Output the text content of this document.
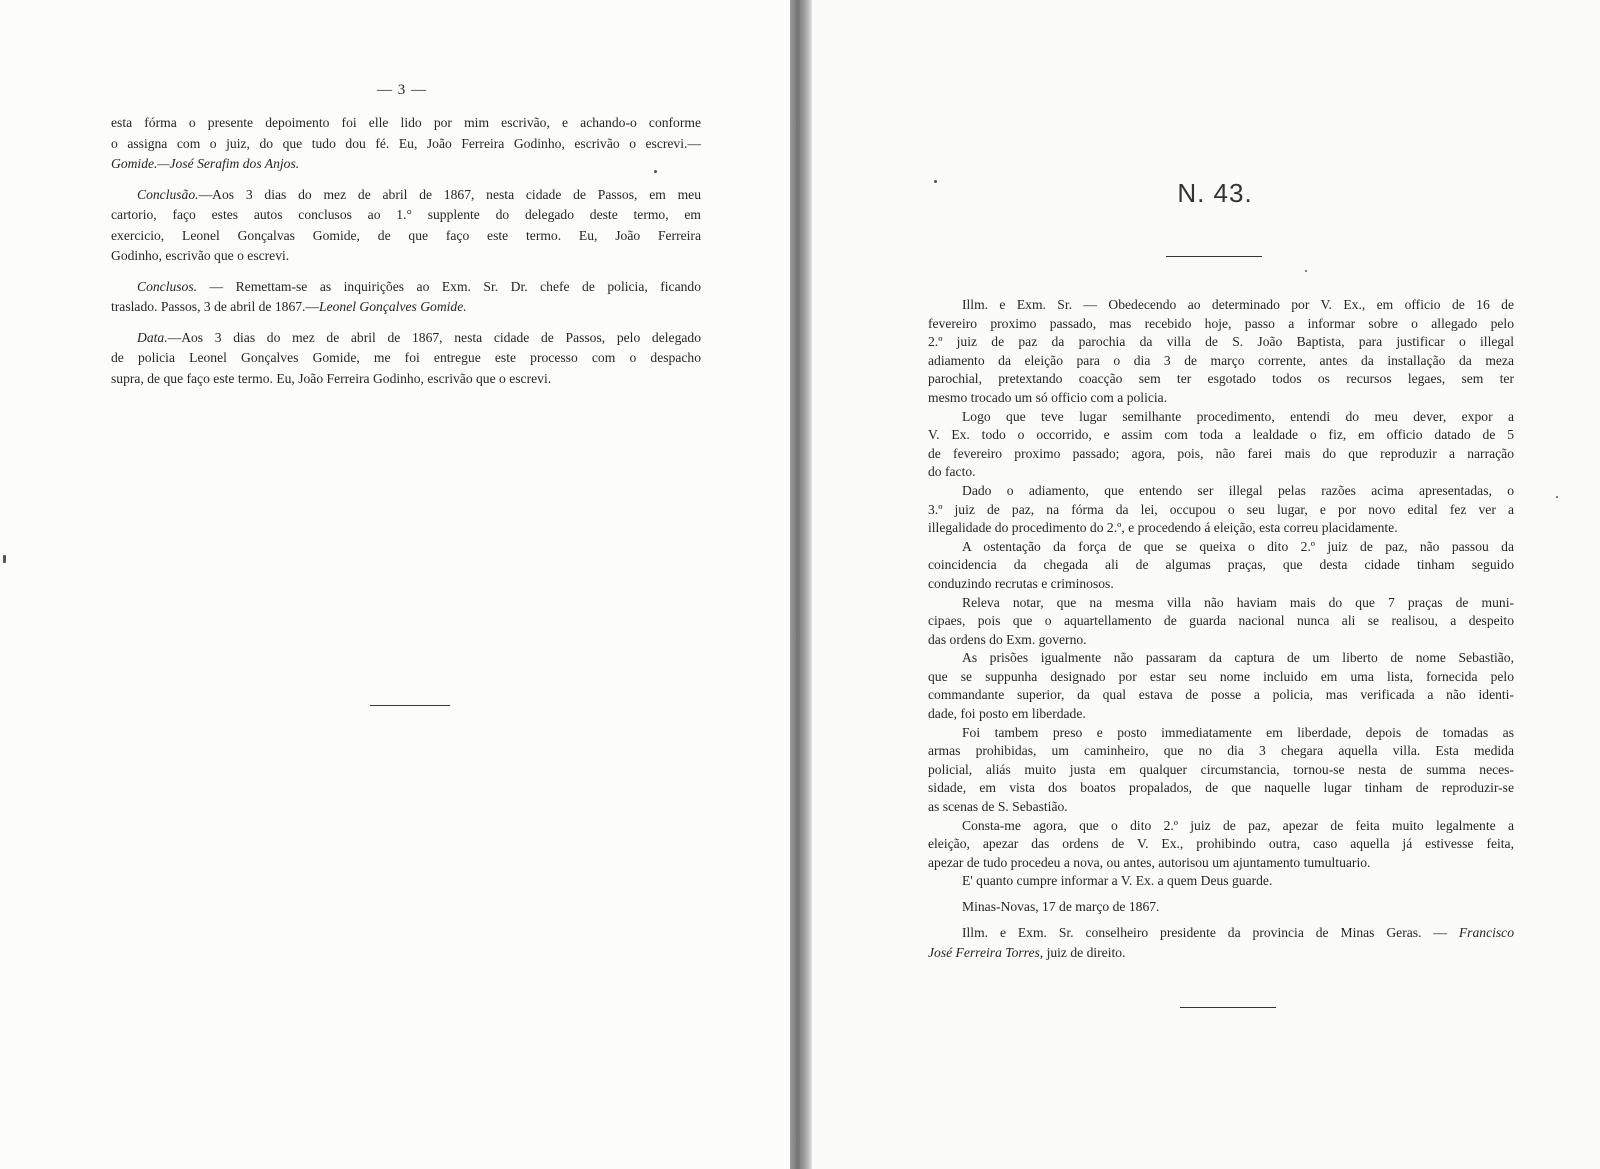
— 3 —

esta fórma o presente depoimento foi elle lido por mim escrivão, e achando-o conforme
o assigna com o juiz, do que tudo dou fé. Eu, João Ferreira Godinho, escrivão o escrevi.—
Gomide.—José Serafim dos Anjos.

Conclusão.—Aos 3 dias do mez de abril de 1867, nesta cidade de Passos, em meu
cartorio, faço estes autos conclusos ao 1.° supplente do delegado deste termo, em
exercicio, Leonel Gonçalvas Gomide, de que faço este termo. Eu, João Ferreira
Godinho, escrivão que o escrevi.

Conclusos. — Remettam-se as inquirições ao Exm. Sr. Dr. chefe de policia, ficando
traslado. Passos, 3 de abril de 1867.—Leonel Gonçalves Gomide.

Data.—Aos 3 dias do mez de abril de 1867, nesta cidade de Passos, pelo delegado
de policia Leonel Gonçalves Gomide, me foi entregue este processo com o despacho
supra, de que faço este termo. Eu, João Ferreira Godinho, escrivão que o escrevi.

N. 43.

Illm. e Exm. Sr. — Obedecendo ao determinado por V. Ex., em officio de 16 de
fevereiro proximo passado, mas recebido hoje, passo a informar sobre o allegado pelo
2.º juiz de paz da parochia da villa de S. João Baptista, para justificar o illegal
adiamento da eleição para o dia 3 de março corrente, antes da installação da meza
parochial, pretextando coacção sem ter esgotado todos os recursos legaes, sem ter
mesmo trocado um só officio com a policia.

Logo que teve lugar semilhante procedimento, entendi do meu dever, expor a
V. Ex. todo o occorrido, e assim com toda a lealdade o fiz, em officio datado de 5
de fevereiro proximo passado; agora, pois, não farei mais do que reproduzir a narração
do facto.

Dado o adiamento, que entendo ser illegal pelas razões acima apresentadas, o
3.º juiz de paz, na fórma da lei, occupou o seu lugar, e por novo edital fez ver a
illegalidade do procedimento do 2.º, e procedendo á eleição, esta correu placidamente.

A ostentação da força de que se queixa o dito 2.º juiz de paz, não passou da
coincidencia da chegada ali de algumas praças, que desta cidade tinham seguido
conduzindo recrutas e criminosos.

Releva notar, que na mesma villa não haviam mais do que 7 praças de muni-
cipaes, pois que o aquartellamento de guarda nacional nunca ali se realisou, a despeito
das ordens do Exm. governo.

As prisões igualmente não passaram da captura de um liberto de nome Sebastião,
que se suppunha designado por estar seu nome incluido em uma lista, fornecida pelo
commandante superior, da qual estava de posse a policia, mas verificada a não identi-
dade, foi posto em liberdade.

Foi tambem preso e posto immediatamente em liberdade, depois de tomadas as
armas prohibidas, um caminheiro, que no dia 3 chegara aquella villa. Esta medida
policial, aliás muito justa em qualquer circumstancia, tornou-se nesta de summa neces-
sidade, em vista dos boatos propalados, de que naquelle lugar tinham de reproduzir-se
as scenas de S. Sebastião.

Consta-me agora, que o dito 2.º juiz de paz, apezar de feita muito legalmente a
eleição, apezar das ordens de V. Ex., prohibindo outra, caso aquella já estivesse feita,
apezar de tudo procedeu a nova, ou antes, autorisou um ajuntamento tumultuario.

E' quanto cumpre informar a V. Ex. a quem Deus guarde.

Minas-Novas, 17 de março de 1867.

Illm. e Exm. Sr. conselheiro presidente da provincia de Minas Geras. — Francisco
José Ferreira Torres, juiz de direito.
